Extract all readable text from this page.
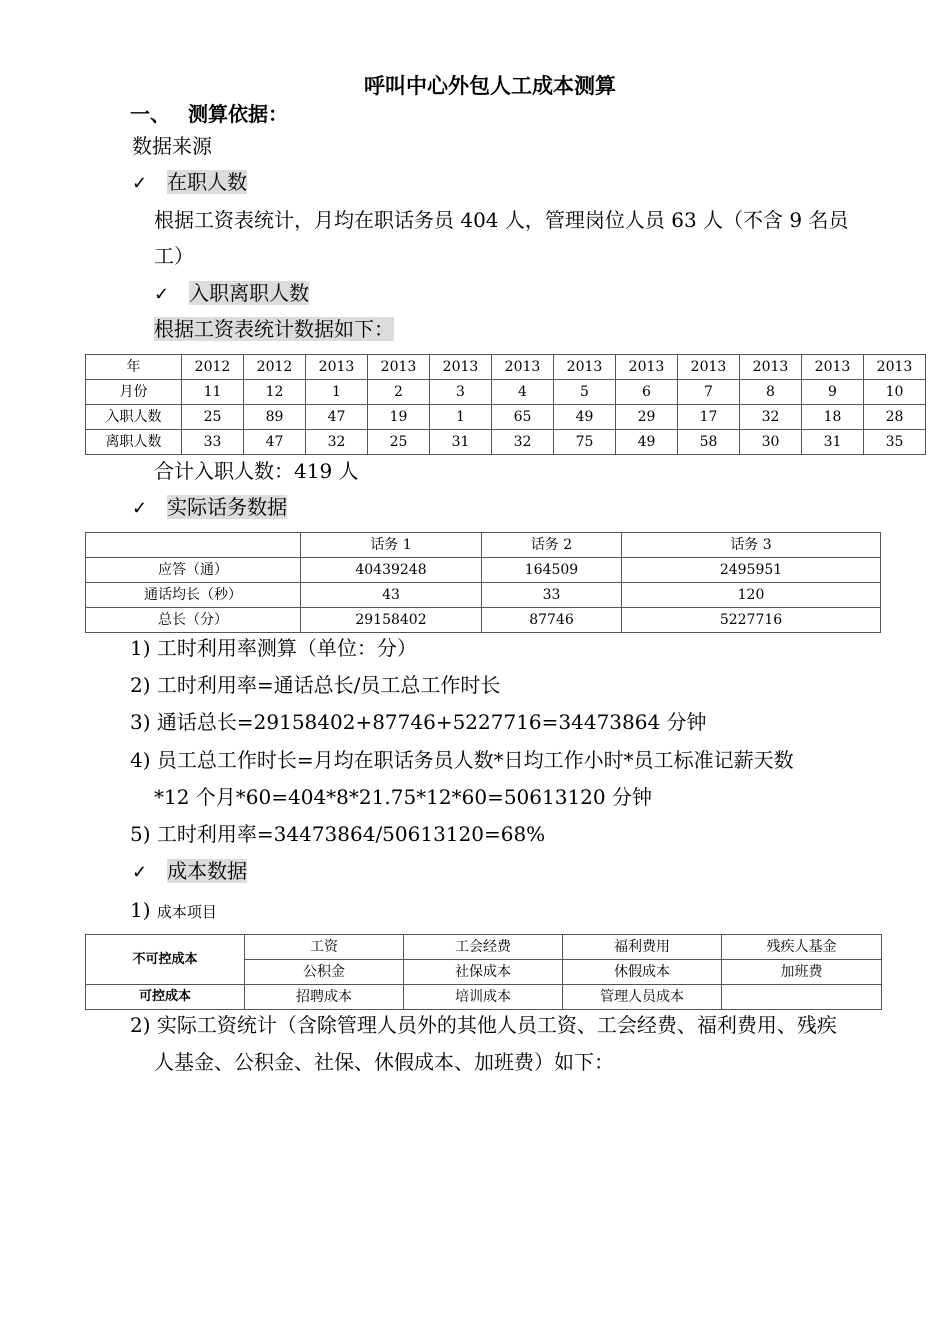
呼叫中心外包人工成本测算
一、 测算依据：
数据来源
✓ 在职人数
根据工资表统计，月均在职话务员 404 人，管理岗位人员 63 人（不含 9 名员
工）
✓ 入职离职人数
根据工资表统计数据如下：
年	2012	2012	2013	2013	2013	2013	2013	2013	2013	2013	2013	2013
月份	11	12	1	2	3	4	5	6	7	8	9	10
入职人数	25	89	47	19	1	65	49	29	17	32	18	28
离职人数	33	47	32	25	31	32	75	49	58	30	31	35
合计入职人数：419 人
✓ 实际话务数据
	话务 1	话务 2	话务 3
应答（通）	40439248	164509	2495951
通话均长（秒）	43	33	120
总长（分）	29158402	87746	5227716
1) 工时利用率测算（单位：分）
2) 工时利用率=通话总长/员工总工作时长
3) 通话总长=29158402+87746+5227716=34473864 分钟
4) 员工总工作时长=月均在职话务员人数*日均工作小时*员工标准记薪天数
*12 个月*60=404*8*21.75*12*60=50613120 分钟
5) 工时利用率=34473864/50613120=68%
✓ 成本数据
1) 成本项目
不可控成本	工资	工会经费	福利费用	残疾人基金
	公积金	社保成本	休假成本	加班费
可控成本	招聘成本	培训成本	管理人员成本	
2) 实际工资统计（含除管理人员外的其他人员工资、工会经费、福利费用、残疾
人基金、公积金、社保、休假成本、加班费）如下：
